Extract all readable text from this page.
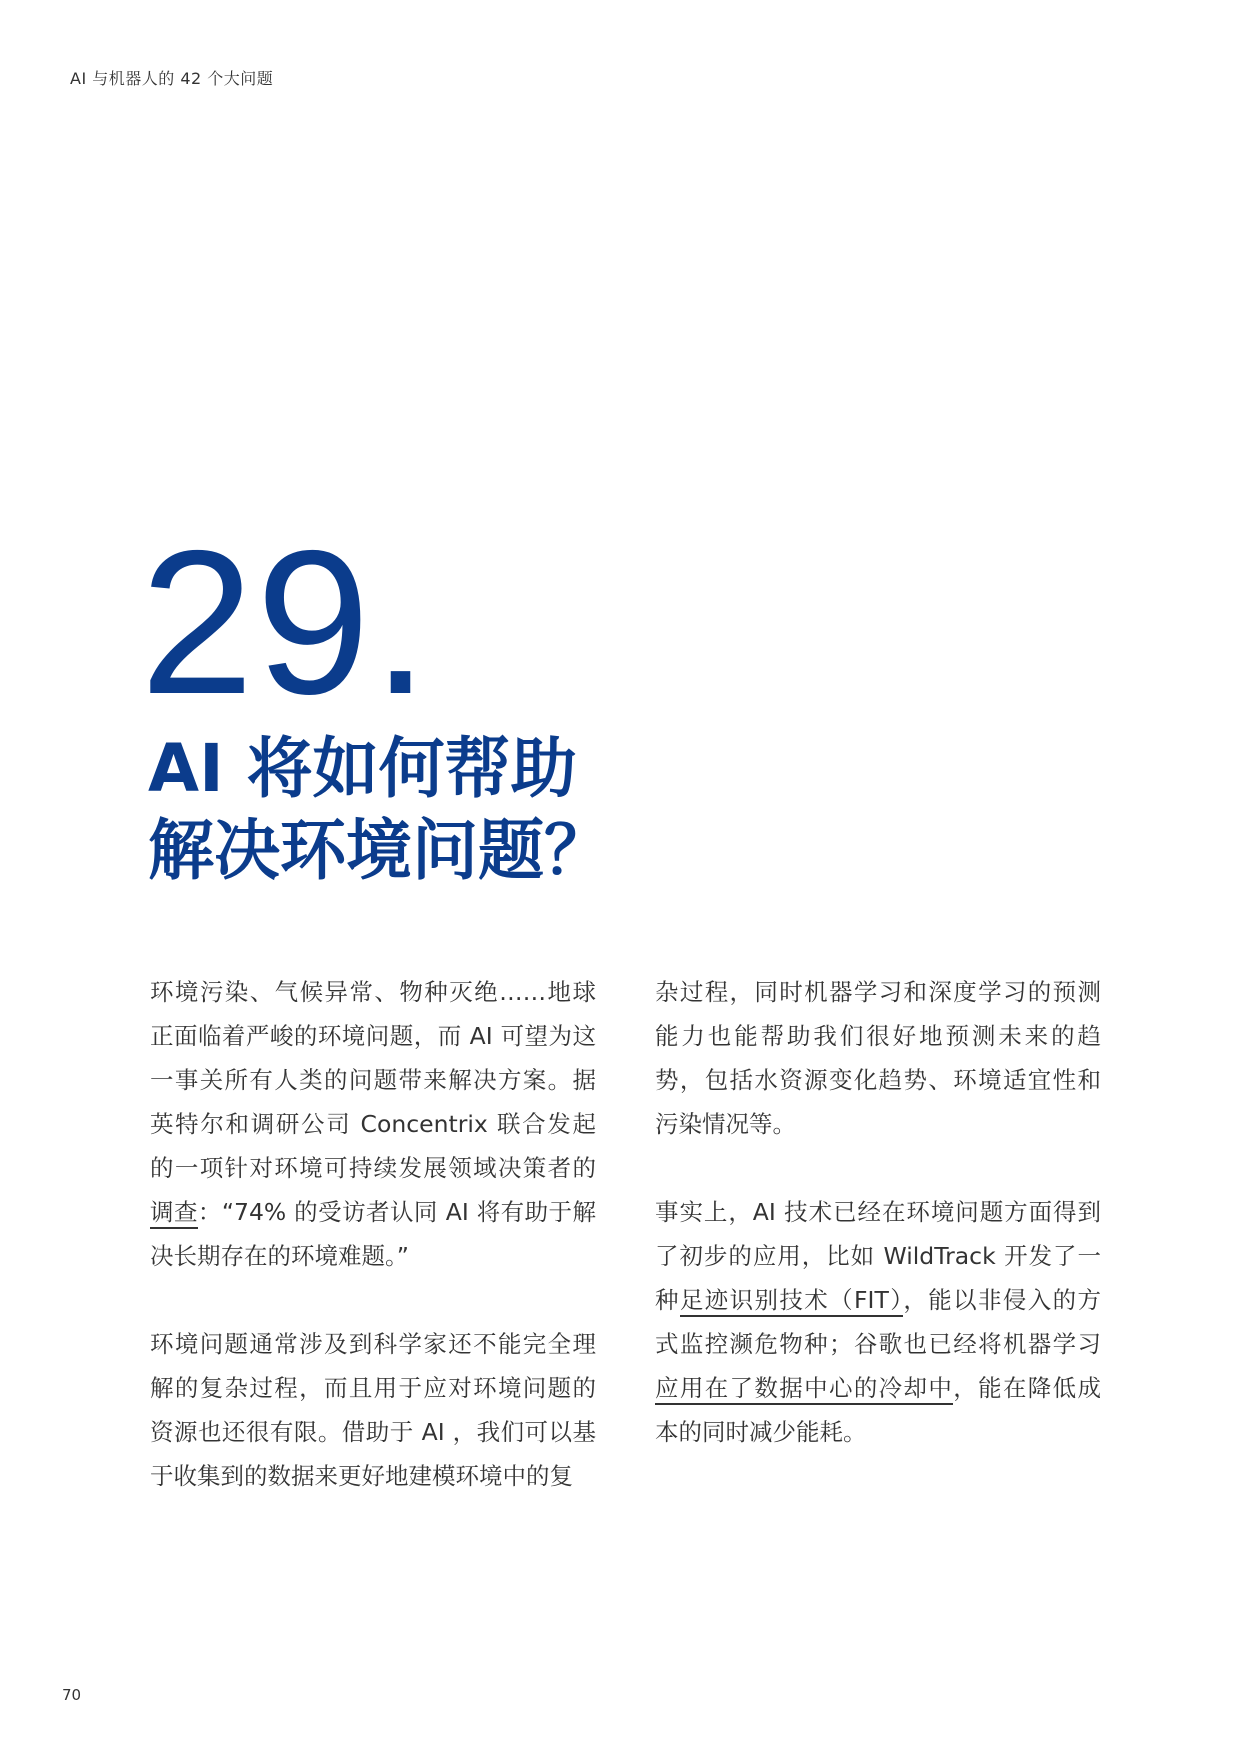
AI 与机器人的 42 个大问题
29.
AI 将如何帮助
解决环境问题？

环境污染、气候异常、物种灭绝……地球正面临着严峻的环境问题，而 AI 可望为这一事关所有人类的问题带来解决方案。据英特尔和调研公司 Concentrix 联合发起的一项针对环境可持续发展领域决策者的调查：“74% 的受访者认同 AI 将有助于解决长期存在的环境难题。”

环境问题通常涉及到科学家还不能完全理解的复杂过程，而且用于应对环境问题的资源也还很有限。借助于 AI ，我们可以基于收集到的数据来更好地建模环境中的复

杂过程，同时机器学习和深度学习的预测能力也能帮助我们很好地预测未来的趋势，包括水资源变化趋势、环境适宜性和污染情况等。

事实上，AI 技术已经在环境问题方面得到了初步的应用，比如 WildTrack 开发了一种足迹识别技术（FIT），能以非侵入的方式监控濒危物种；谷歌也已经将机器学习应用在了数据中心的冷却中，能在降低成本的同时减少能耗。

70
